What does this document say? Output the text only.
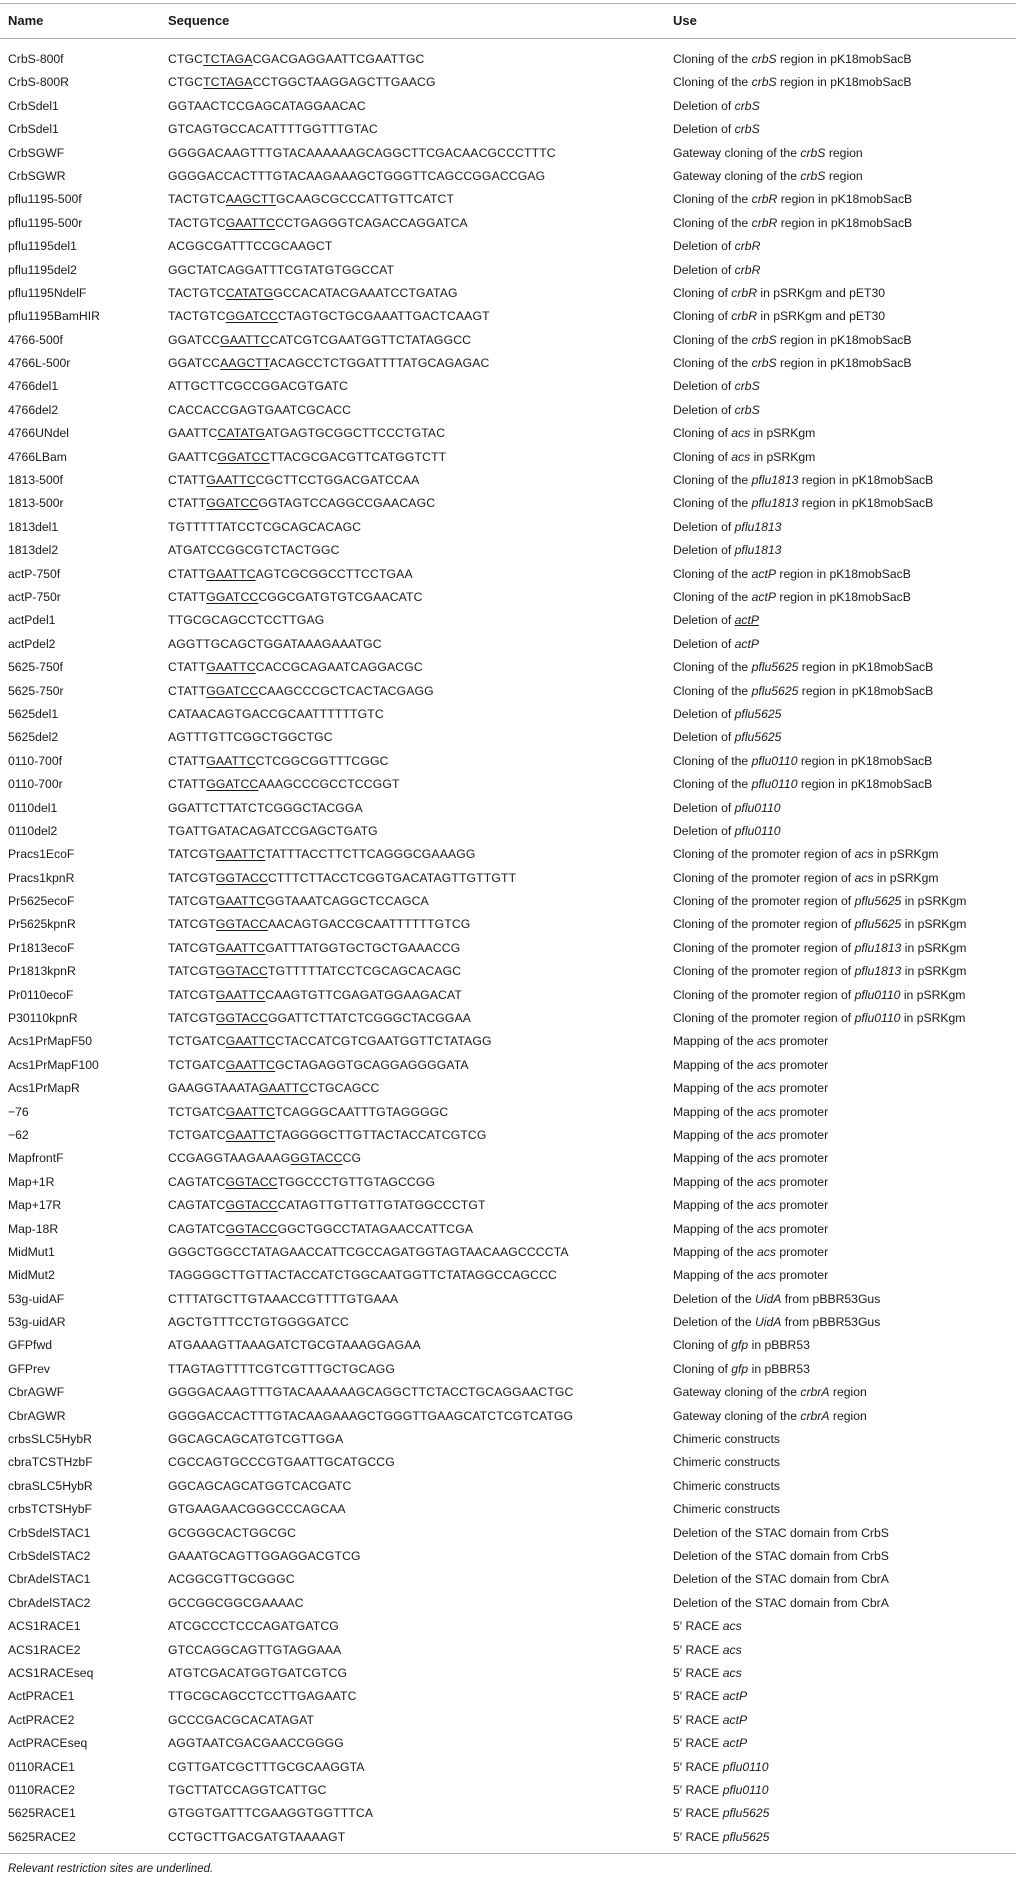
Name	Sequence	Use
CrbS-800f	CTGCTCTAGACGACGAGGAATTCGAATTGC	Cloning of the crbS region in pK18mobSacB
CrbS-800R	CTGCTCTAGACCTGGCTAAGGAGCTTGAACG	Cloning of the crbS region in pK18mobSacB
CrbSdel1	GGTAACTCCGAGCATAGGAACAC	Deletion of crbS
CrbSdel1	GTCAGTGCCACATTTTGGTTTGTAC	Deletion of crbS
CrbSGWF	GGGGACAAGTTTGTACAAAAAAGCAGGCTTCGACAACGCCCTTTC	Gateway cloning of the crbS region
CrbSGWR	GGGGACCACTTTGTACAAGAAAGCTGGGTTCAGCCGGACCGAG	Gateway cloning of the crbS region
pflu1195-500f	TACTGTCAAGCTTGCAAGCGCCCATTGTTCATCT	Cloning of the crbR region in pK18mobSacB
pflu1195-500r	TACTGTCGAATTCCCTGAGGGTCAGACCAGGATCA	Cloning of the crbR region in pK18mobSacB
pflu1195del1	ACGGCGATTTCCGCAAGCT	Deletion of crbR
pflu1195del2	GGCTATCAGGATTTCGTATGTGGCCAT	Deletion of crbR
pflu1195NdelF	TACTGTCCATATGGCCACATACGAAATCCTGATAG	Cloning of crbR in pSRKgm and pET30
pflu1195BamHIR	TACTGTCGGATCCCTAGTGCTGCGAAATTGACTCAAGT	Cloning of crbR in pSRKgm and pET30
4766-500f	GGATCCGAATTCCATCGTCGAATGGTTCTATAGGCC	Cloning of the crbS region in pK18mobSacB
4766L-500r	GGATCCAAGCTTACAGCCTCTGGATTTTATGCAGAGAC	Cloning of the crbS region in pK18mobSacB
4766del1	ATTGCTTCGCCGGACGTGATC	Deletion of crbS
4766del2	CACCACCGAGTGAATCGCACC	Deletion of crbS
4766UNdel	GAATTCCATATGATGAGTGCGGCTTCCCTGTAC	Cloning of acs in pSRKgm
4766LBam	GAATTCGGATCCTTACGCGACGTTCATGGTCTT	Cloning of acs in pSRKgm
1813-500f	CTATTGAATTCCGCTTCCTGGACGATCCAA	Cloning of the pflu1813 region in pK18mobSacB
1813-500r	CTATTGGATCCGGTAGTCCAGGCCGAACAGC	Cloning of the pflu1813 region in pK18mobSacB
1813del1	TGTTTTTATCCTCGCAGCACAGC	Deletion of pflu1813
1813del2	ATGATCCGGCGTCTACTGGC	Deletion of pflu1813
actP-750f	CTATTGAATTCAGTCGCGGCCTTCCTGAA	Cloning of the actP region in pK18mobSacB
actP-750r	CTATTGGATCCCGGCGATGTGTCGAACATC	Cloning of the actP region in pK18mobSacB
actPdel1	TTGCGCAGCCTCCTTGAG	Deletion of actP
actPdel2	AGGTTGCAGCTGGATAAAGAAATGC	Deletion of actP
5625-750f	CTATTGAATTCCACCGCAGAATCAGGACGC	Cloning of the pflu5625 region in pK18mobSacB
5625-750r	CTATTGGATCCCAAGCCCGCTCACTACGAGG	Cloning of the pflu5625 region in pK18mobSacB
5625del1	CATAACAGTGACCGCAATTTTTTGTC	Deletion of pflu5625
5625del2	AGTTTGTTCGGCTGGCTGC	Deletion of pflu5625
0110-700f	CTATTGAATTCCTCGGCGGTTTCGGC	Cloning of the pflu0110 region in pK18mobSacB
0110-700r	CTATTGGATCCAAAGCCCGCCTCCGGT	Cloning of the pflu0110 region in pK18mobSacB
0110del1	GGATTCTTATCTCGGGCTACGGA	Deletion of pflu0110
0110del2	TGATTGATACAGATCCGAGCTGATG	Deletion of pflu0110
Pracs1EcoF	TATCGTGAATTCTATTTACCTTCTTCAGGGCGAAAGG	Cloning of the promoter region of acs in pSRKgm
Pracs1kpnR	TATCGTGGTACCCTTTCTTACCTCGGTGACATAGTTGTTGTT	Cloning of the promoter region of acs in pSRKgm
Pr5625ecoF	TATCGTGAATTCGGTAAATCAGGCTCCAGCA	Cloning of the promoter region of pflu5625 in pSRKgm
Pr5625kpnR	TATCGTGGTACCAACAGTGACCGCAATTTTTTGTCG	Cloning of the promoter region of pflu5625 in pSRKgm
Pr1813ecoF	TATCGTGAATTCGATTTATGGTGCTGCTGAAACCG	Cloning of the promoter region of pflu1813 in pSRKgm
Pr1813kpnR	TATCGTGGTACCTGTTTTTATCCTCGCAGCACAGC	Cloning of the promoter region of pflu1813 in pSRKgm
Pr0110ecoF	TATCGTGAATTCCAAGTGTTCGAGATGGAAGACAT	Cloning of the promoter region of pflu0110 in pSRKgm
P30110kpnR	TATCGTGGTACCGGATTCTTATCTCGGGCTACGGAA	Cloning of the promoter region of pflu0110 in pSRKgm
Acs1PrMapF50	TCTGATCGAATTCCTACCATCGTCGAATGGTTCTATAGG	Mapping of the acs promoter
Acs1PrMapF100	TCTGATCGAATTCGCTAGAGGTGCAGGAGGGGATA	Mapping of the acs promoter
Acs1PrMapR	GAAGGTAAATAGAATTCCTGCAGCC	Mapping of the acs promoter
−76	TCTGATCGAATTCTCAGGGCAATTTGTAGGGGC	Mapping of the acs promoter
−62	TCTGATCGAATTCTAGGGGCTTGTTACTACCATCGTCG	Mapping of the acs promoter
MapfrontF	CCGAGGTAAGAAAGGGTACCCG	Mapping of the acs promoter
Map+1R	CAGTATCGGTACCTGGCCCTGTTGTAGCCGG	Mapping of the acs promoter
Map+17R	CAGTATCGGTACCCATAGTTGTTGTTGTATGGCCCTGT	Mapping of the acs promoter
Map-18R	CAGTATCGGTACCGGCTGGCCTATAGAACCATTCGA	Mapping of the acs promoter
MidMut1	GGGCTGGCCTATAGAACCATTCGCCAGATGGTAGTAACAAGCCCCTA	Mapping of the acs promoter
MidMut2	TAGGGGCTTGTTACTACCATCTGGCAATGGTTCTATAGGCCAGCCC	Mapping of the acs promoter
53g-uidAF	CTTTATGCTTGTAAACCGTTTTGTGAAA	Deletion of the UidA from pBBR53Gus
53g-uidAR	AGCTGTTTCCTGTGGGGATCC	Deletion of the UidA from pBBR53Gus
GFPfwd	ATGAAAGTTAAAGATCTGCGTAAAGGAGAA	Cloning of gfp in pBBR53
GFPrev	TTAGTAGTTTTCGTCGTTTGCTGCAGG	Cloning of gfp in pBBR53
CbrAGWF	GGGGACAAGTTTGTACAAAAAAGCAGGCTTCTACCTGCAGGAACTGC	Gateway cloning of the crbrA region
CbrAGWR	GGGGACCACTTTGTACAAGAAAGCTGGGTTGAAGCATCTCGTCATGG	Gateway cloning of the crbrA region
crbsSLC5HybR	GGCAGCAGCATGTCGTTGGA	Chimeric constructs
cbraTCSTHzbF	CGCCAGTGCCCGTGAATTGCATGCCG	Chimeric constructs
cbraSLC5HybR	GGCAGCAGCATGGTCACGATC	Chimeric constructs
crbsTCTSHybF	GTGAAGAACGGGCCCAGCAA	Chimeric constructs
CrbSdelSTAC1	GCGGGCACTGGCGC	Deletion of the STAC domain from CrbS
CrbSdelSTAC2	GAAATGCAGTTGGAGGACGTCG	Deletion of the STAC domain from CrbS
CbrAdelSTAC1	ACGGCGTTGCGGGC	Deletion of the STAC domain from CbrA
CbrAdelSTAC2	GCCGGCGGCGAAAAC	Deletion of the STAC domain from CbrA
ACS1RACE1	ATCGCCCTCCCAGATGATCG	5′ RACE acs
ACS1RACE2	GTCCAGGCAGTTGTAGGAAA	5′ RACE acs
ACS1RACEseq	ATGTCGACATGGTGATCGTCG	5′ RACE acs
ActPRACE1	TTGCGCAGCCTCCTTGAGAATC	5′ RACE actP
ActPRACE2	GCCCGACGCACATAGAT	5′ RACE actP
ActPRACEseq	AGGTAATCGACGAACCGGGG	5′ RACE actP
0110RACE1	CGTTGATCGCTTTGCGCAAGGTA	5′ RACE pflu0110
0110RACE2	TGCTTATCCAGGTCATTGC	5′ RACE pflu0110
5625RACE1	GTGGTGATTTCGAAGGTGGTTTCA	5′ RACE pflu5625
5625RACE2	CCTGCTTGACGATGTAAAAGT	5′ RACE pflu5625
Relevant restriction sites are underlined.
